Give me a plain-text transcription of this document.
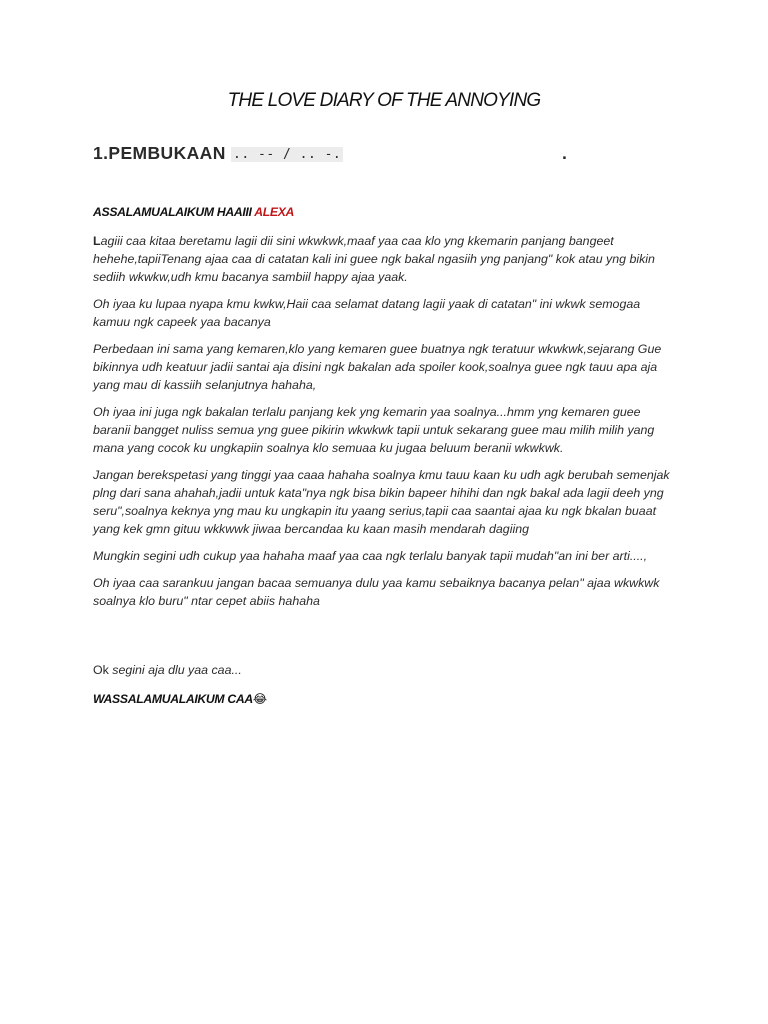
THE LOVE DIARY OF THE ANNOYING
1.PEMBUKAAN .. -- / .. -.	.
ASSALAMUALAIKUM HAAIII ALEXA

Lagiii caa kitaa beretamu lagii dii sini wkwkwk,maaf yaa caa klo yng kkemarin panjang bangeet hehehe,tapiiTenang ajaa caa di catatan kali ini guee ngk bakal ngasiih yng panjang" kok atau yng bikin sediih wkwkw,udh kmu bacanya sambiil happy ajaa yaak.

Oh iyaa ku lupaa nyapa kmu kwkw,Haii caa selamat datang lagii yaak di catatan" ini wkwk semogaa kamuu ngk capeek yaa bacanya

Perbedaan ini sama yang kemaren,klo yang kemaren guee buatnya ngk teratuur wkwkwk,sejarang Gue bikinnya udh keatuur jadii santai aja disini ngk bakalan ada spoiler kook,soalnya guee ngk tauu apa aja yang mau di kassiih selanjutnya hahaha,

Oh iyaa ini juga ngk bakalan terlalu panjang kek yng kemarin yaa soalnya...hmm yng kemaren guee baranii bangget nuliss semua yng guee pikirin wkwkwk tapii untuk sekarang guee mau milih milih yang mana yang cocok ku ungkapiin soalnya klo semuaa ku jugaa beluum beranii wkwkwk.

Jangan berekspetasi yang tinggi yaa caaa hahaha soalnya kmu tauu kaan ku udh agk berubah semenjak plng dari sana ahahah,jadii untuk kata"nya ngk bisa bikin bapeer hihihi dan ngk bakal ada lagii deeh yng seru",soalnya keknya yng mau ku ungkapin itu yaang serius,tapii caa saantai ajaa ku ngk bkalan buaat yang kek gmn gituu wkkwwk jiwaa bercandaa ku kaan masih mendarah dagiing

Mungkin segini udh cukup yaa hahaha maaf yaa caa ngk terlalu banyak tapii mudah"an ini ber arti....,

Oh iyaa caa sarankuu jangan bacaa semuanya dulu yaa kamu sebaiknya bacanya pelan" ajaa wkwkwk soalnya klo buru" ntar cepet abiis hahaha

Ok segini aja dlu yaa caa...
WASSALAMUALAIKUM CAA😂
